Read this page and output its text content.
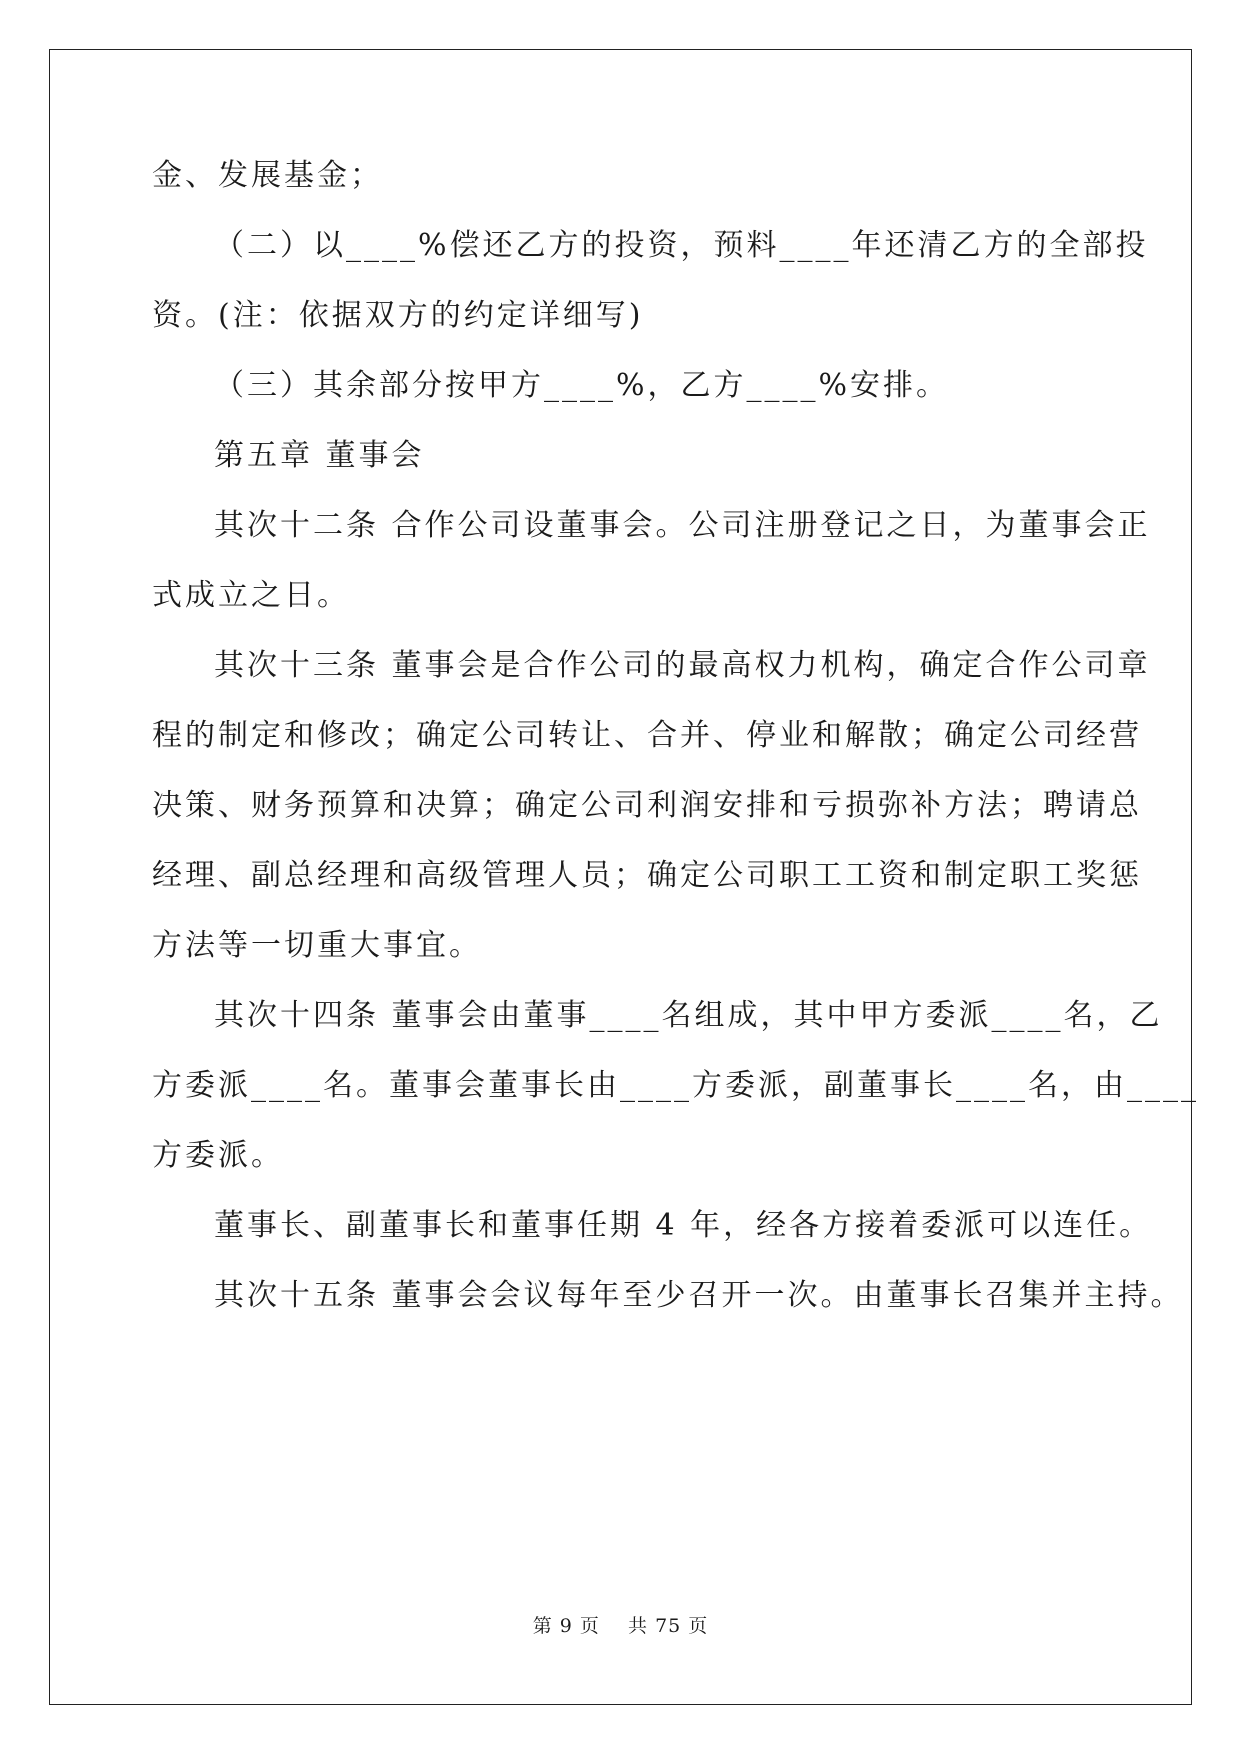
金、发展基金；
（二）以____%偿还乙方的投资，预料____年还清乙方的全部投
资。(注：依据双方的约定详细写)
（三）其余部分按甲方____%，乙方____%安排。
第五章 董事会
其次十二条 合作公司设董事会。公司注册登记之日，为董事会正
式成立之日。
其次十三条 董事会是合作公司的最高权力机构，确定合作公司章
程的制定和修改；确定公司转让、合并、停业和解散；确定公司经营
决策、财务预算和决算；确定公司利润安排和亏损弥补方法；聘请总
经理、副总经理和高级管理人员；确定公司职工工资和制定职工奖惩
方法等一切重大事宜。
其次十四条 董事会由董事____名组成，其中甲方委派____名，乙
方委派____名。董事会董事长由____方委派，副董事长____名，由____
方委派。
董事长、副董事长和董事任期 4 年，经各方接着委派可以连任。
其次十五条 董事会会议每年至少召开一次。由董事长召集并主持。
第 9 页    共 75 页
